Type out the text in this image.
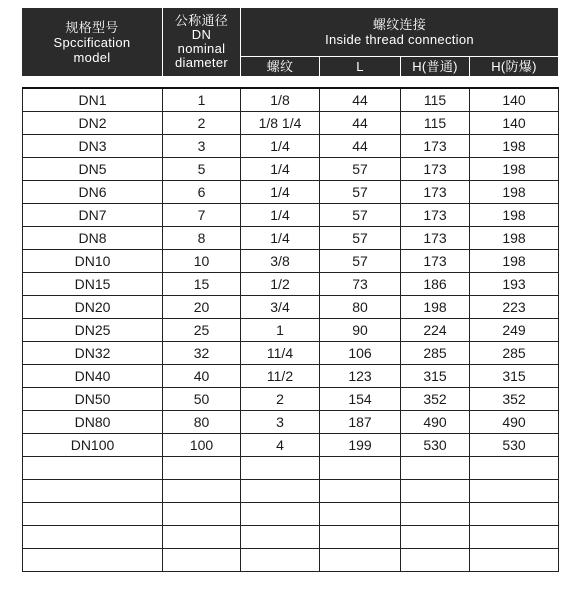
规格型号
Spccification
model
公称通径
DN
nominal
diameter
螺纹连接
Inside thread connection
螺纹	L	H(普通)	H(防爆)
DN1	1	1/8	44	115	140
DN2	2	1/8 1/4	44	115	140
DN3	3	1/4	44	173	198
DN5	5	1/4	57	173	198
DN6	6	1/4	57	173	198
DN7	7	1/4	57	173	198
DN8	8	1/4	57	173	198
DN10	10	3/8	57	173	198
DN15	15	1/2	73	186	193
DN20	20	3/4	80	198	223
DN25	25	1	90	224	249
DN32	32	11/4	106	285	285
DN40	40	11/2	123	315	315
DN50	50	2	154	352	352
DN80	80	3	187	490	490
DN100	100	4	199	530	530
